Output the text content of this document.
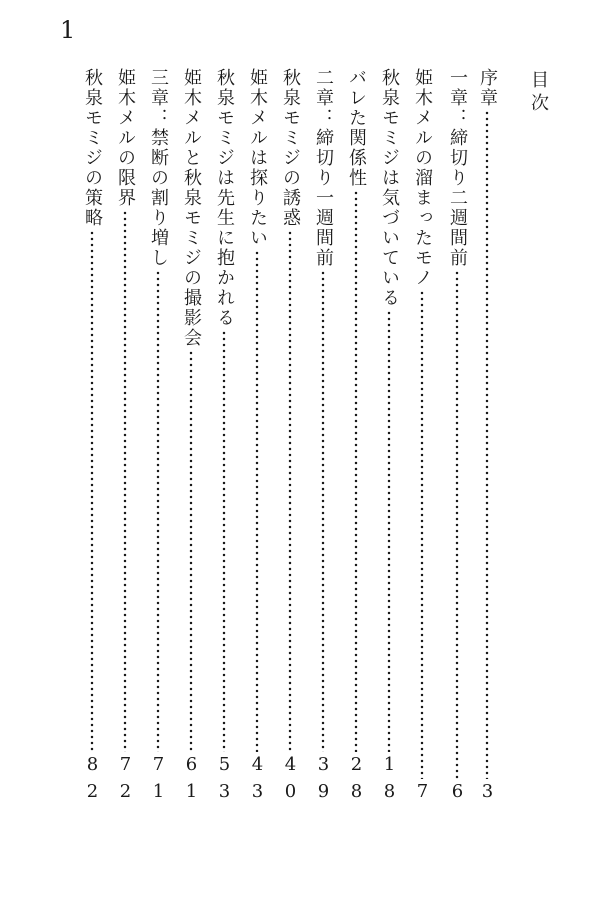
1
目次
序章
3
一章：締切り二週間前
6
姫木メルの溜まったモノ
7
秋泉モミジは気づいている
18
バレた関係性
28
二章：締切り一週間前
39
秋泉モミジの誘惑
40
姫木メルは探りたい
43
秋泉モミジは先生に抱かれる
53
姫木メルと秋泉モミジの撮影会
61
三章：禁断の割り増し
71
姫木メルの限界
72
秋泉モミジの策略
82
